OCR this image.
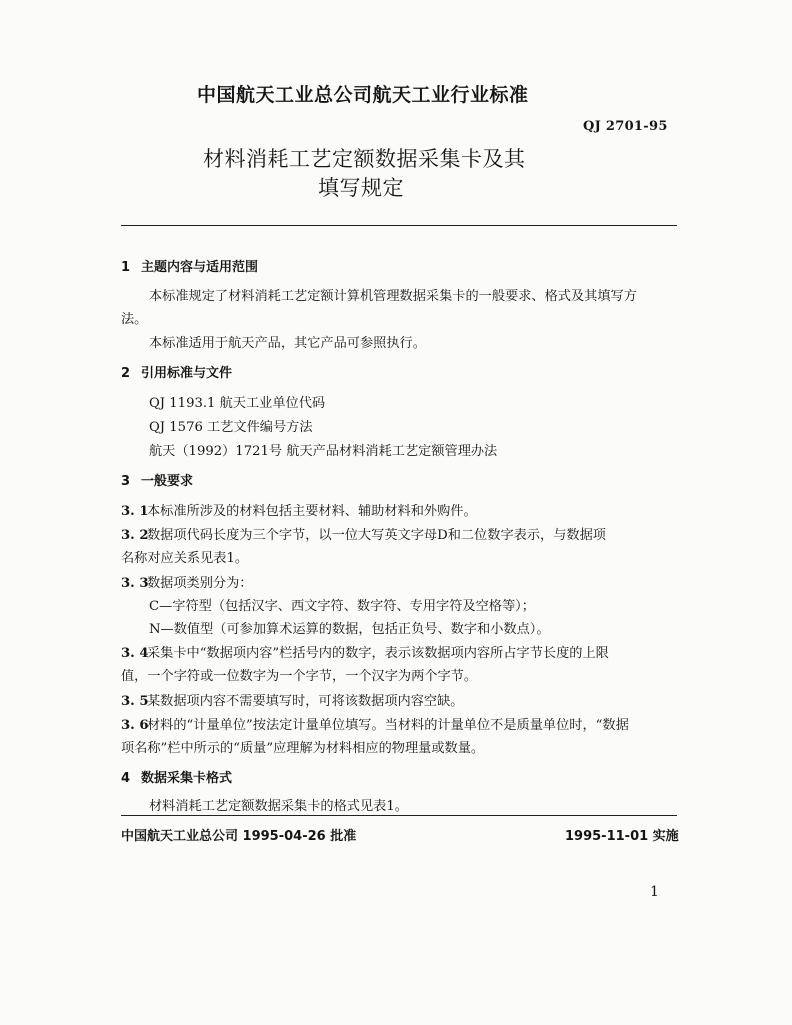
中国航天工业总公司航天工业行业标准
QJ 2701-95
材料消耗工艺定额数据采集卡及其
填写规定
1 主题内容与适用范围
本标准规定了材料消耗工艺定额计算机管理数据采集卡的一般要求、格式及其填写方
法。
本标准适用于航天产品，其它产品可参照执行。
2 引用标准与文件
QJ 1193.1 航天工业单位代码
QJ 1576 工艺文件编号方法
航天（1992）1721号 航天产品材料消耗工艺定额管理办法
3 一般要求
3. 1本标准所涉及的材料包括主要材料、辅助材料和外购件。
3. 2数据项代码长度为三个字节，以一位大写英文字母D和二位数字表示，与数据项
名称对应关系见表1。
3. 3数据项类别分为：
C—字符型（包括汉字、西文字符、数字符、专用字符及空格等）；
N—数值型（可参加算术运算的数据，包括正负号、数字和小数点）。
3. 4采集卡中“数据项内容”栏括号内的数字，表示该数据项内容所占字节长度的上限
值，一个字符或一位数字为一个字节，一个汉字为两个字节。
3. 5某数据项内容不需要填写时，可将该数据项内容空缺。
3. 6材料的“计量单位”按法定计量单位填写。当材料的计量单位不是质量单位时，“数据
项名称”栏中所示的“质量”应理解为材料相应的物理量或数量。
4 数据采集卡格式
材料消耗工艺定额数据采集卡的格式见表1。
中国航天工业总公司 1995-04-26 批准	1995-11-01 实施
1
